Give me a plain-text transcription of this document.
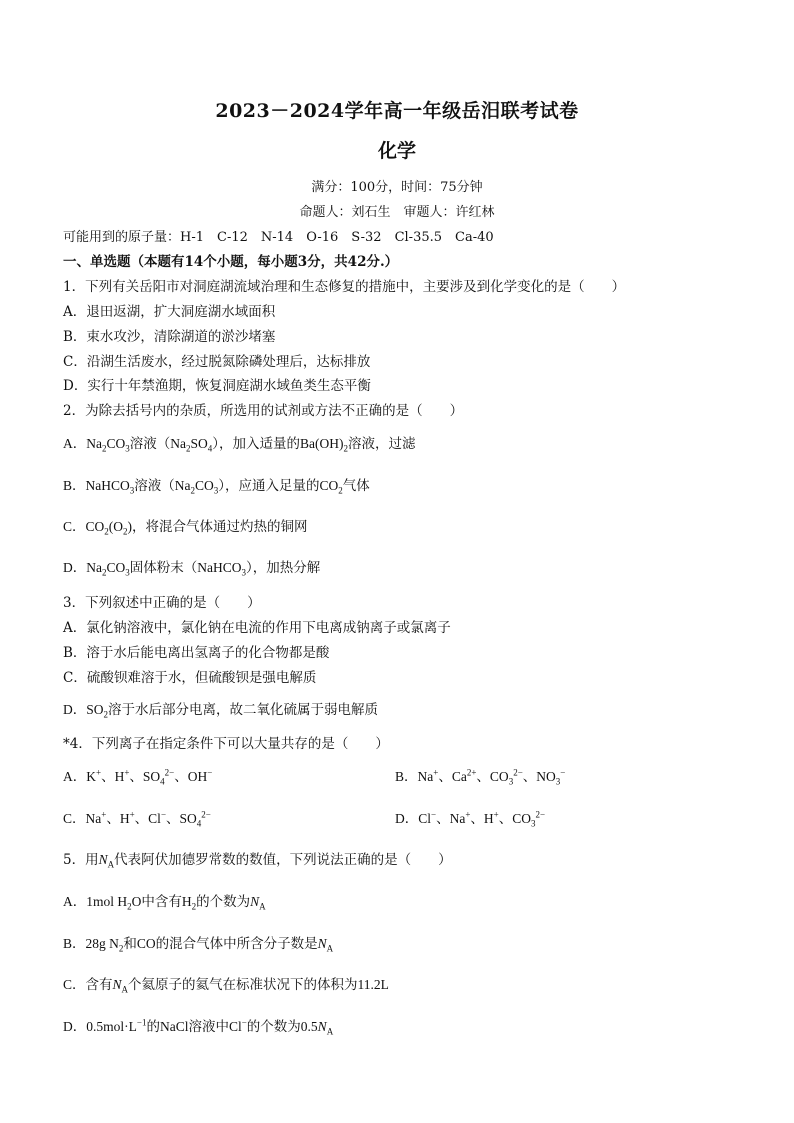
2023－2024学年高一年级岳汨联考试卷
化学
满分：100分，时间：75分钟
命题人：刘石生　审题人：许红林
可能用到的原子量：H-1　C-12　N-14　O-16　S-32　Cl-35.5　Ca-40
一、单选题（本题有14个小题，每小题3分，共42分.）
1．下列有关岳阳市对洞庭湖流域治理和生态修复的措施中，主要涉及到化学变化的是（　　）
A．退田返湖，扩大洞庭湖水域面积
B．束水攻沙，清除湖道的淤沙堵塞
C．沿湖生活废水，经过脱氮除磷处理后，达标排放
D．实行十年禁渔期，恢复洞庭湖水域鱼类生态平衡
2．为除去括号内的杂质，所选用的试剂或方法不正确的是（　　）
A．$Na_2CO_3$溶液$(Na_2SO_4)$，加入适量的$Ba(OH)_2$溶液，过滤
B．NaHCO$_3$溶液$(Na_2CO_3)$，应通入足量的$CO_2$气体
C．$CO_2(O_2)$，将混合气体通过灼热的铜网
D．$Na_2CO_3$固体粉末（NaHCO$_3$），加热分解
3．下列叙述中正确的是（　　）
A．氯化钠溶液中，氯化钠在电流的作用下电离成钠离子或氯离子
B．溶于水后能电离出氢离子的化合物都是酸
C．硫酸钡难溶于水，但硫酸钡是强电解质
D．$SO_2$溶于水后部分电离，故二氧化硫属于弱电解质
*4．下列离子在指定条件下可以大量共存的是（　　）
A．K+、H+、$SO_4^{2-}$、OH−	B．Na+、$Ca^{2+}$、$CO_3^{2-}$、$NO_3^-$
C．Na+、H+、Cl−、$SO_4^{2-}$	D．Cl−、Na+、H+、$CO_3^{2-}$
5．用$N_A$代表阿伏加德罗常数的数值，下列说法正确的是（　　）
A．1mol $H_2O$中含有$H_2$的个数为$N_A$
B．28g $N_2$和CO的混合气体中所含分子数是$N_A$
C．含有$N_A$个氦原子的氦气在标准状况下的体积为11.2L
D．$0.5mol\cdot L^{-1}$的NaCl溶液中Cl−的个数为$0.5N_A$
